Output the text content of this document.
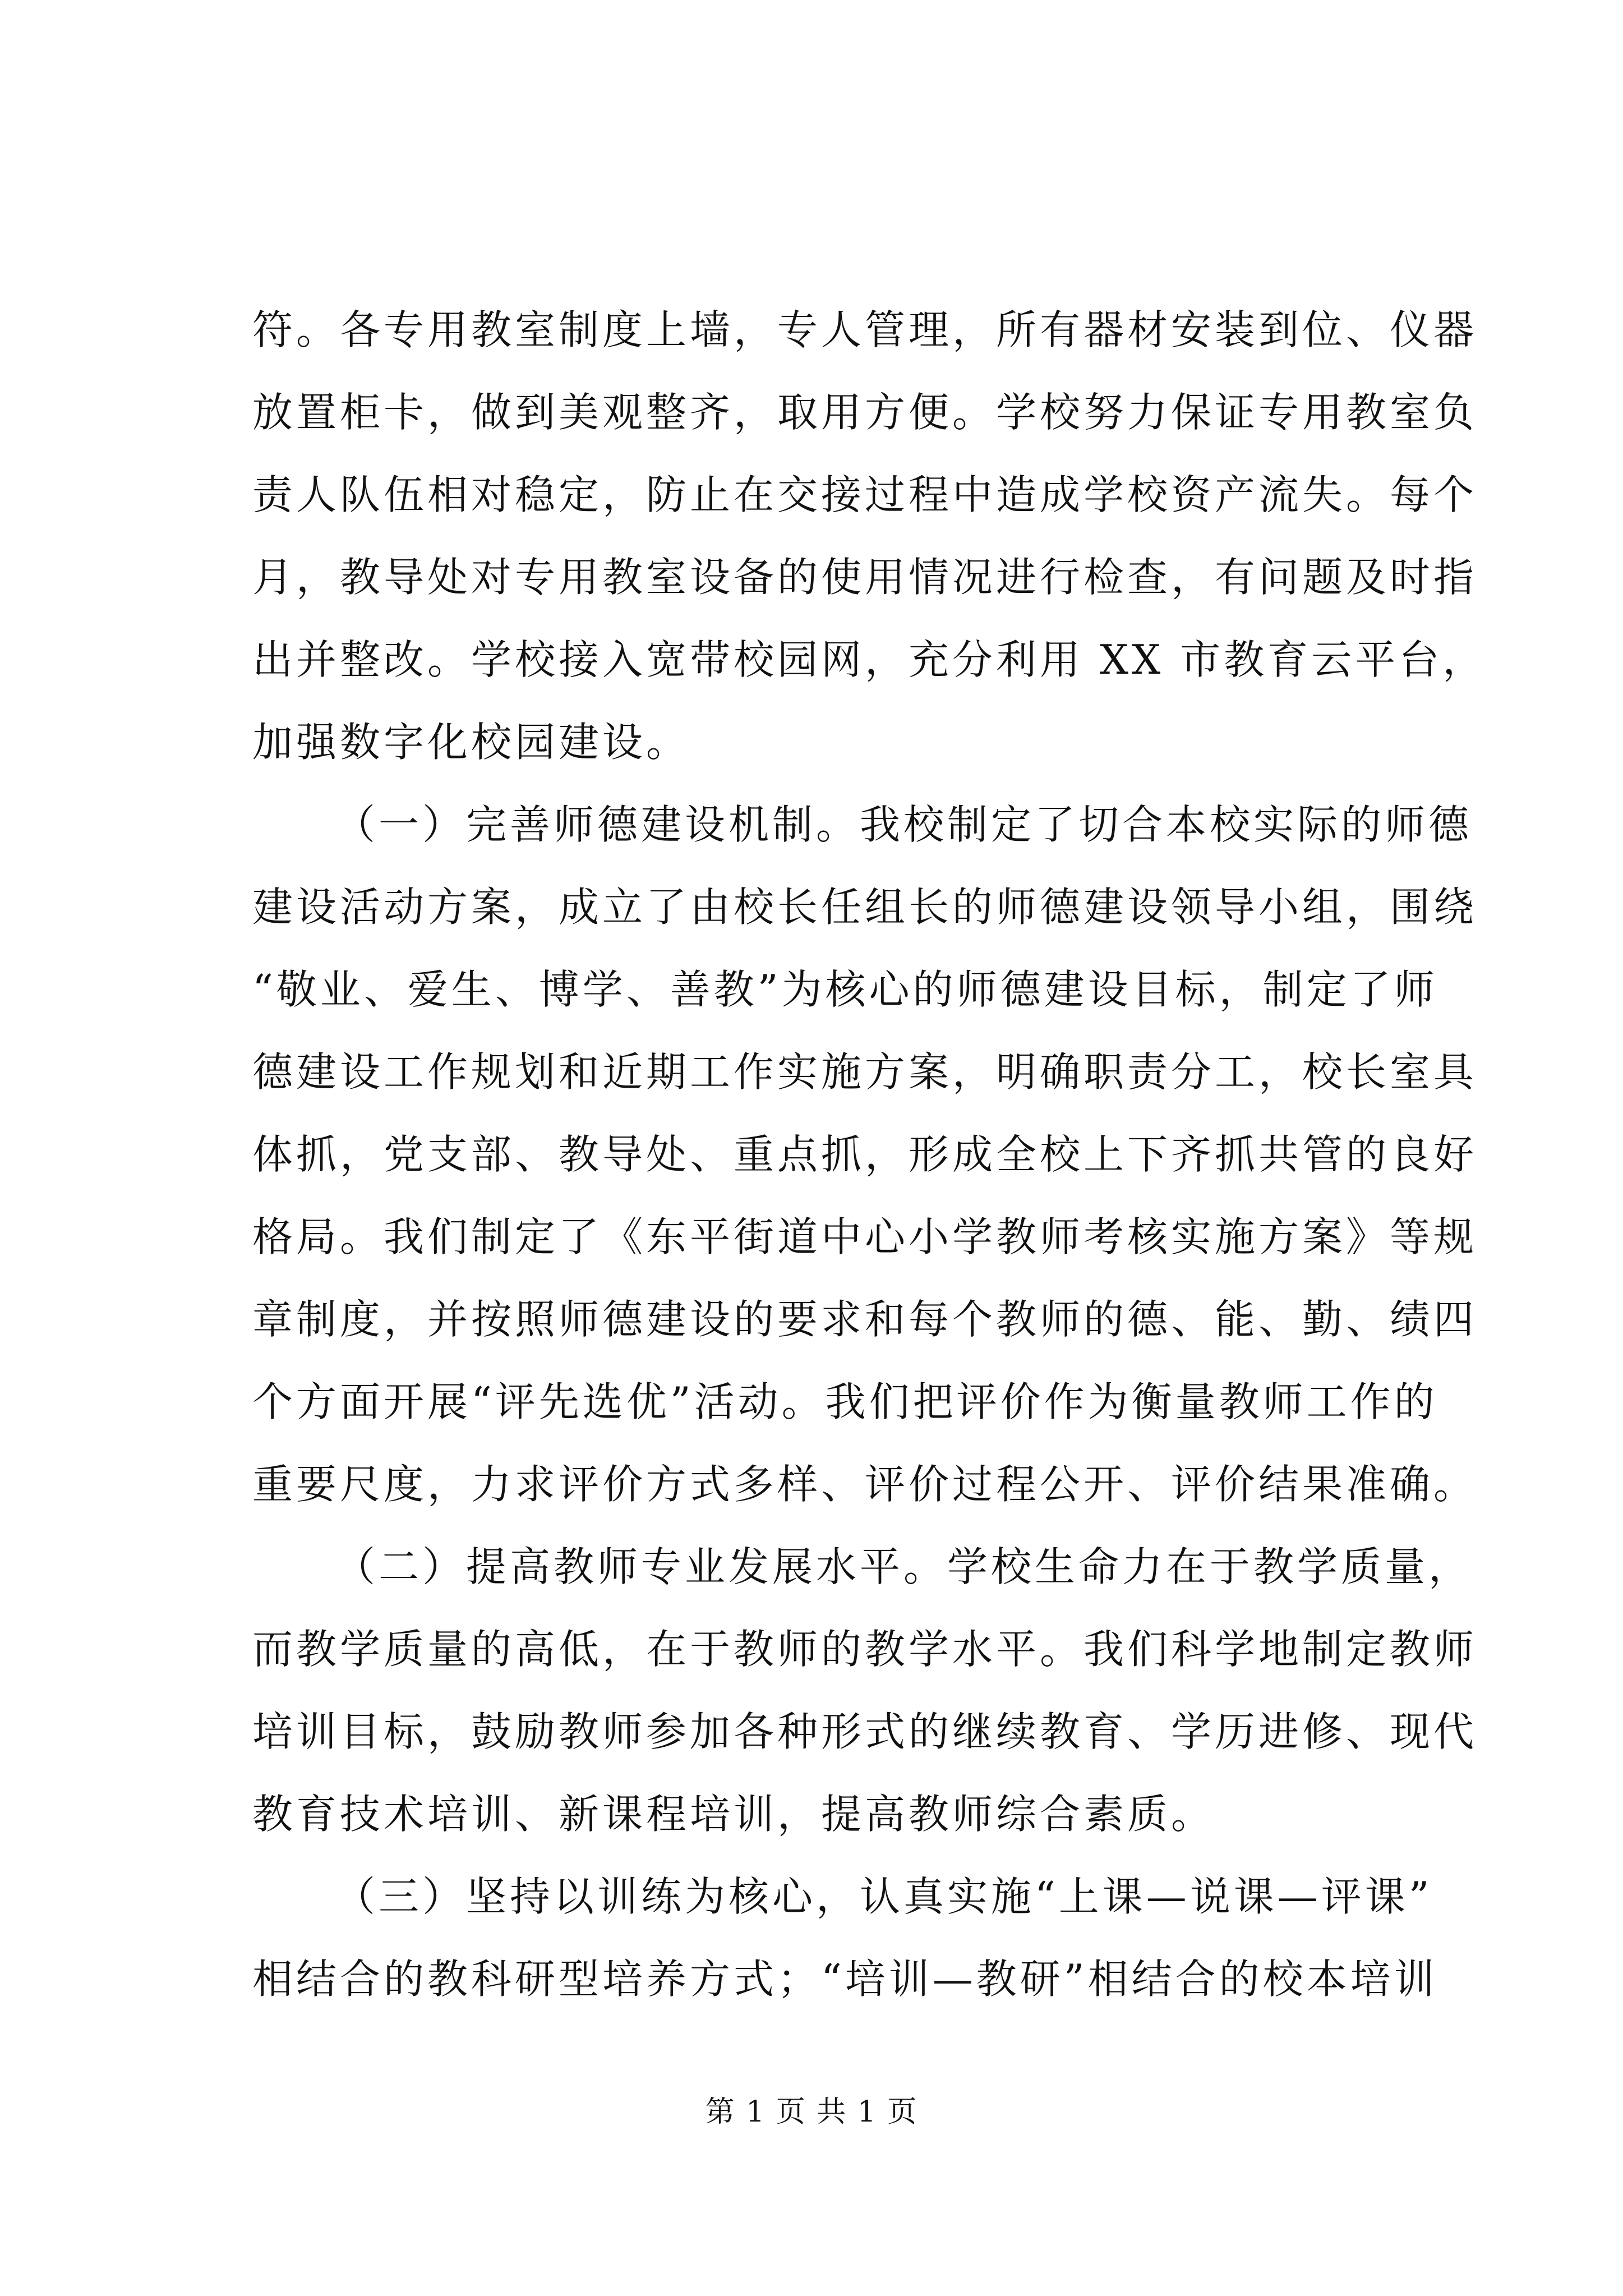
符。各专用教室制度上墙，专人管理，所有器材安装到位、仪器
放置柜卡，做到美观整齐，取用方便。学校努力保证专用教室负
责人队伍相对稳定，防止在交接过程中造成学校资产流失。每个
月，教导处对专用教室设备的使用情况进行检查，有问题及时指
出并整改。学校接入宽带校园网，充分利用 XX 市教育云平台，
加强数字化校园建设。
（一）完善师德建设机制。我校制定了切合本校实际的师德
建设活动方案，成立了由校长任组长的师德建设领导小组，围绕
“敬业、爱生、博学、善教”为核心的师德建设目标，制定了师
德建设工作规划和近期工作实施方案，明确职责分工，校长室具
体抓，党支部、教导处、重点抓，形成全校上下齐抓共管的良好
格局。我们制定了《东平街道中心小学教师考核实施方案》等规
章制度，并按照师德建设的要求和每个教师的德、能、勤、绩四
个方面开展“评先选优”活动。我们把评价作为衡量教师工作的
重要尺度，力求评价方式多样、评价过程公开、评价结果准确。
（二）提高教师专业发展水平。学校生命力在于教学质量，
而教学质量的高低，在于教师的教学水平。我们科学地制定教师
培训目标，鼓励教师参加各种形式的继续教育、学历进修、现代
教育技术培训、新课程培训，提高教师综合素质。
（三）坚持以训练为核心，认真实施“上课—说课—评课”
相结合的教科研型培养方式；“培训—教研”相结合的校本培训
第 1 页 共 1 页
